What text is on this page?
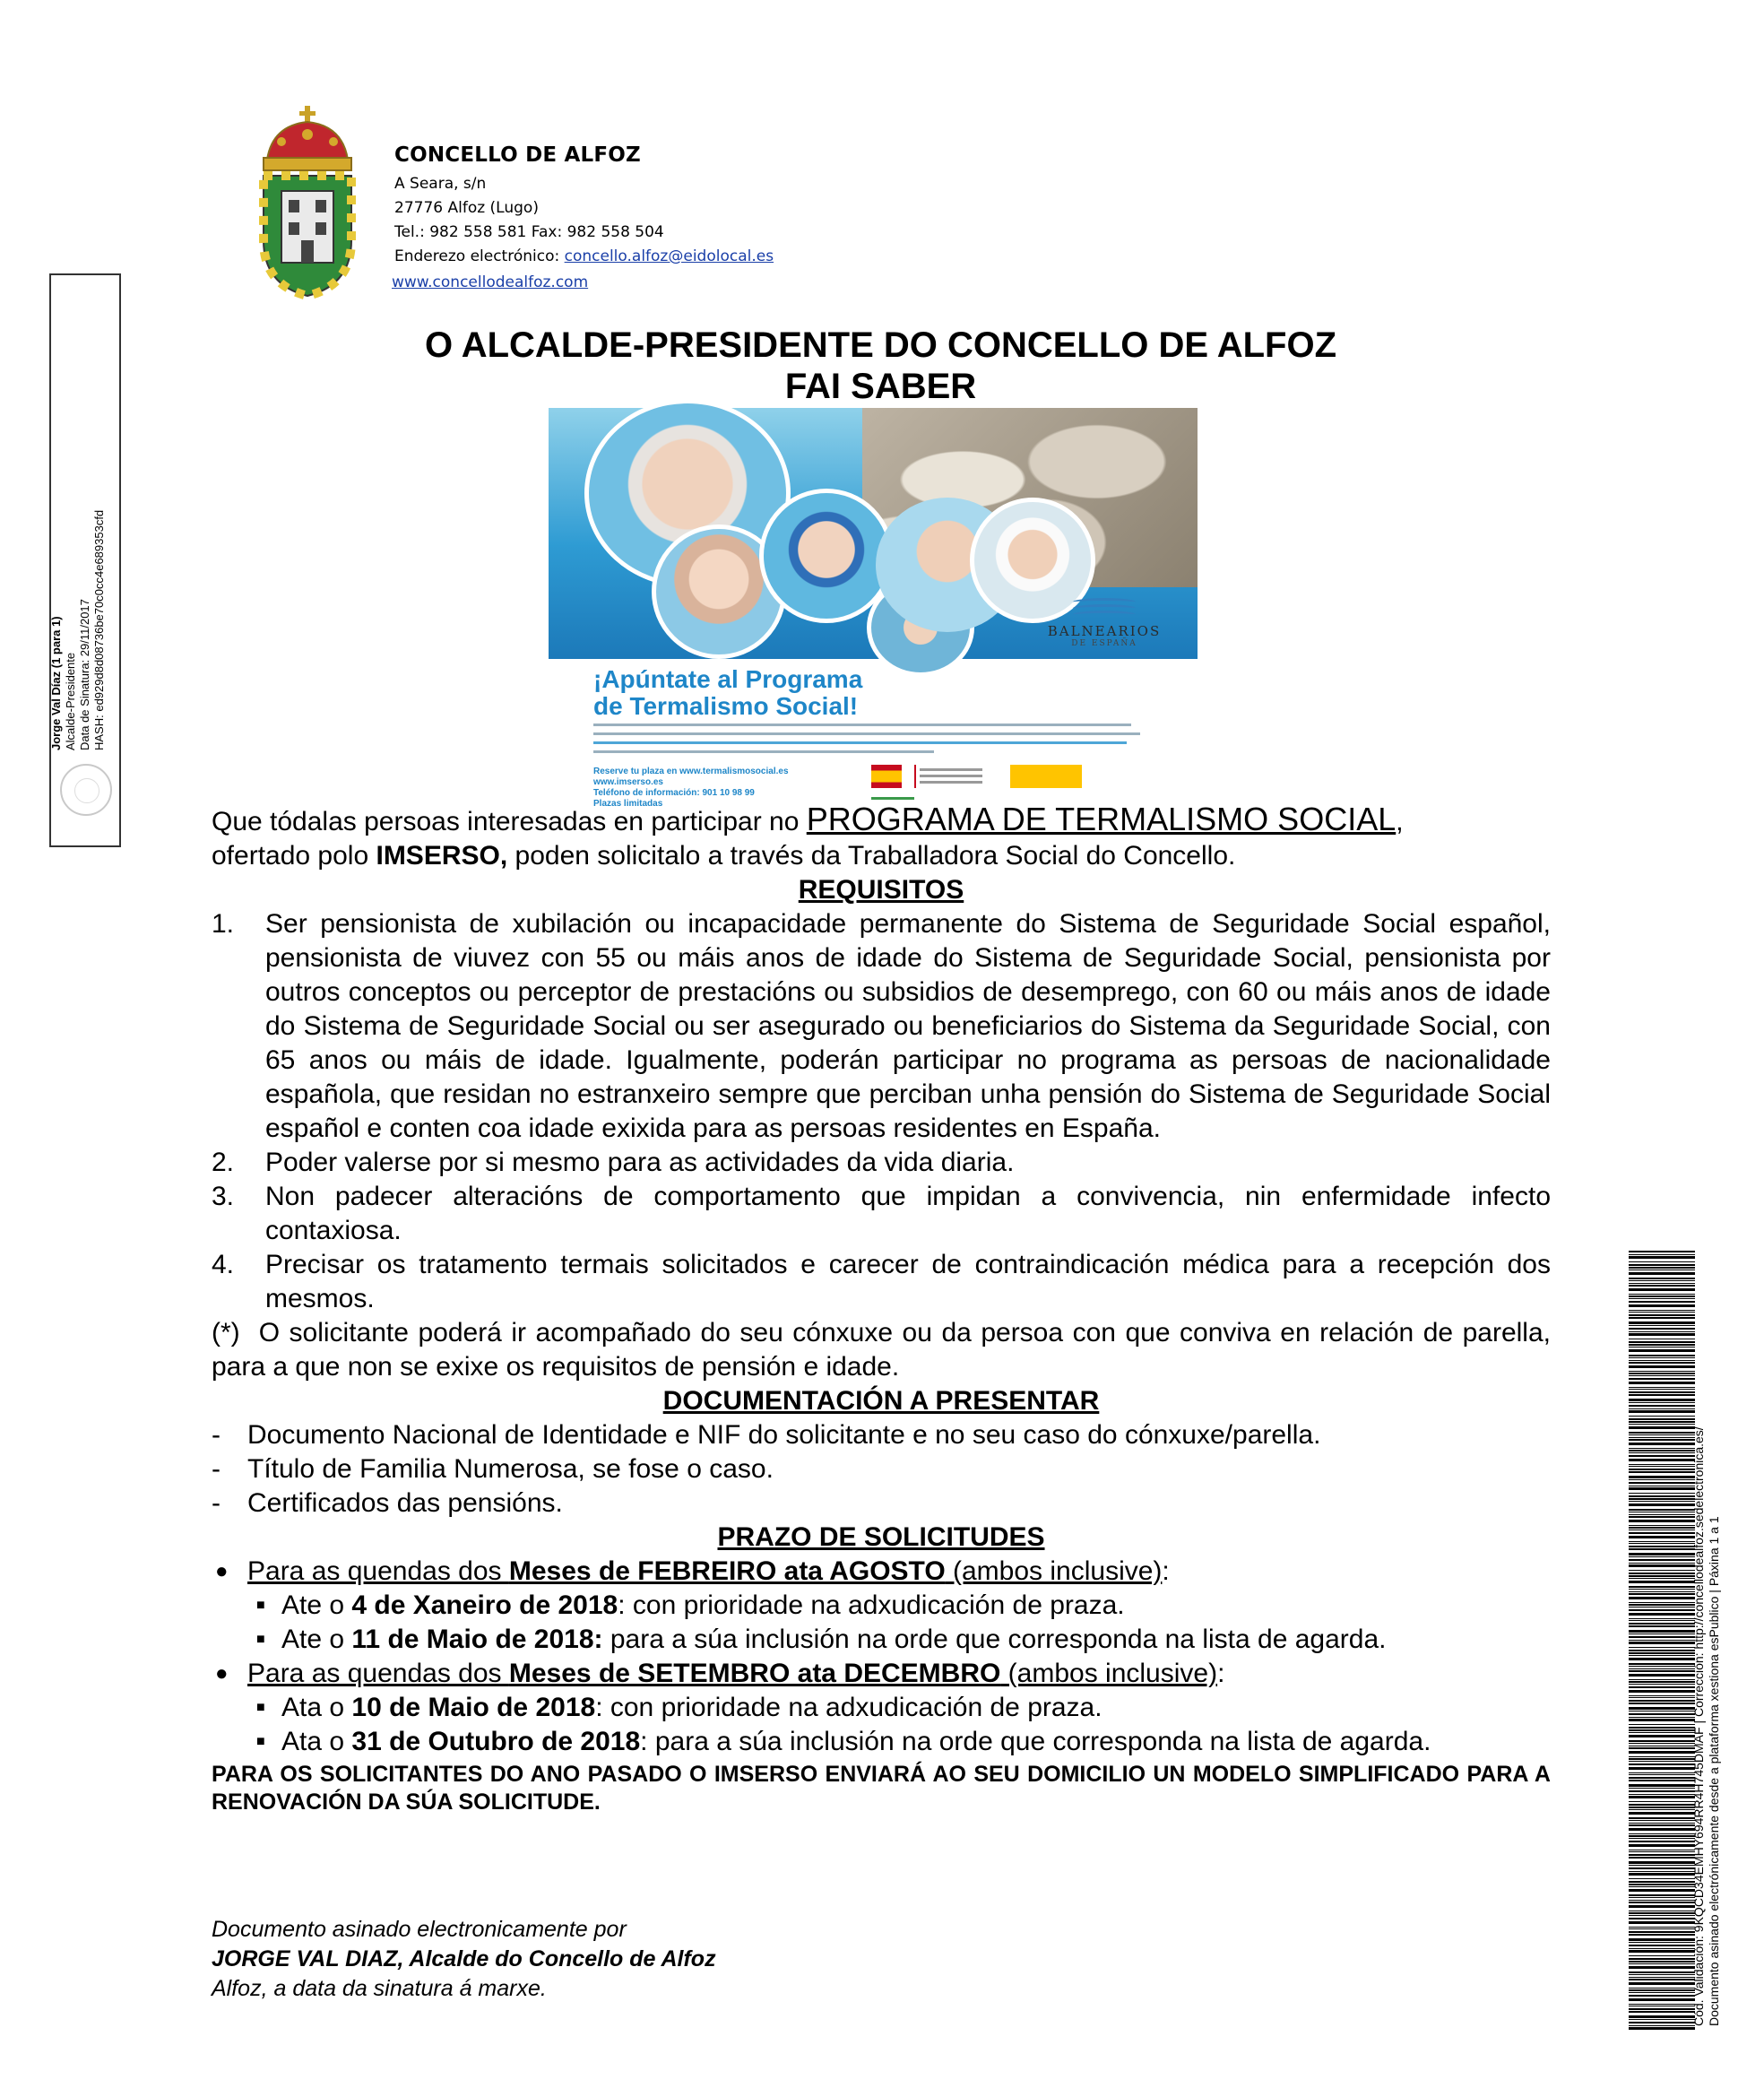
CONCELLO DE ALFOZ
A Seara, s/n
27776 Alfoz (Lugo)
Tel.: 982 558 581 Fax: 982 558 504
Enderezo electrónico: concello.alfoz@eidolocal.es
www.concellodealfoz.com
Jorge Val Díaz (1 para 1) Alcalde-Presidente Data de Sinatura: 29/11/2017 HASH: ed929d8d08736be70c0cc4e689353cfd
O ALCALDE-PRESIDENTE DO CONCELLO DE ALFOZ
FAI SABER
BALNEARIOS
DE ESPAÑA
¡Apúntate al Programa
de Termalismo Social!
Reserve tu plaza en www.termalismosocial.es
www.imserso.es
Teléfono de información: 901 10 98 99
Plazas limitadas

Que tódalas persoas interesadas en participar no PROGRAMA DE TERMALISMO SOCIAL,
ofertado polo IMSERSO, poden solicitalo a través da Traballadora Social do Concello.
REQUISITOS
1. Ser pensionista de xubilación ou incapacidade permanente do Sistema de Seguridade Social español, pensionista de viuvez con 55 ou máis anos de idade do Sistema de Seguridade Social, pensionista por outros conceptos ou perceptor de prestacións ou subsidios de desemprego, con 60 ou máis anos de idade do Sistema de Seguridade Social ou ser asegurado ou beneficiarios do Sistema da Seguridade Social, con 65 anos ou máis de idade. Igualmente, poderán participar no programa as persoas de nacionalidade española, que residan no estranxeiro sempre que perciban unha pensión do Sistema de Seguridade Social español e conten coa idade exixida para as persoas residentes en España.
2. Poder valerse por si mesmo para as actividades da vida diaria.
3. Non padecer alteracións de comportamento que impidan a convivencia, nin enfermidade infecto contaxiosa.
4. Precisar os tratamento termais solicitados e carecer de contraindicación médica para a recepción dos mesmos.
(*) O solicitante poderá ir acompañado do seu cónxuxe ou da persoa con que conviva en relación de parella, para a que non se exixe os requisitos de pensión e idade.
DOCUMENTACIÓN A PRESENTAR
- Documento Nacional de Identidade e NIF do solicitante e no seu caso do cónxuxe/parella.
- Título de Familia Numerosa, se fose o caso.
- Certificados das pensións.
PRAZO DE SOLICITUDES
● Para as quendas dos Meses de FEBREIRO ata AGOSTO (ambos inclusive):
■ Ate o 4 de Xaneiro de 2018: con prioridade na adxudicación de praza.
■ Ate o 11 de Maio de 2018: para a súa inclusión na orde que corresponda na lista de agarda.
● Para as quendas dos Meses de SETEMBRO ata DECEMBRO (ambos inclusive):
■ Ata o 10 de Maio de 2018: con prioridade na adxudicación de praza.
■ Ata o 31 de Outubro de 2018: para a súa inclusión na orde que corresponda na lista de agarda.
PARA OS SOLICITANTES DO ANO PASADO O IMSERSO ENVIARÁ AO SEU DOMICILIO UN MODELO SIMPLIFICADO PARA A RENOVACIÓN DA SÚA SOLICITUDE.
Documento asinado electronicamente por
JORGE VAL DIAZ, Alcalde do Concello de Alfoz
Alfoz, a data da sinatura á marxe.	Cód. Validación: 9KQCD34EMHY694RR4H745DMAF | Corrección: http://concellodealfoz.sedelectronica.es/ Documento asinado electrónicamente desde a plataforma xestiona esPublico | Páxina 1 a 1
